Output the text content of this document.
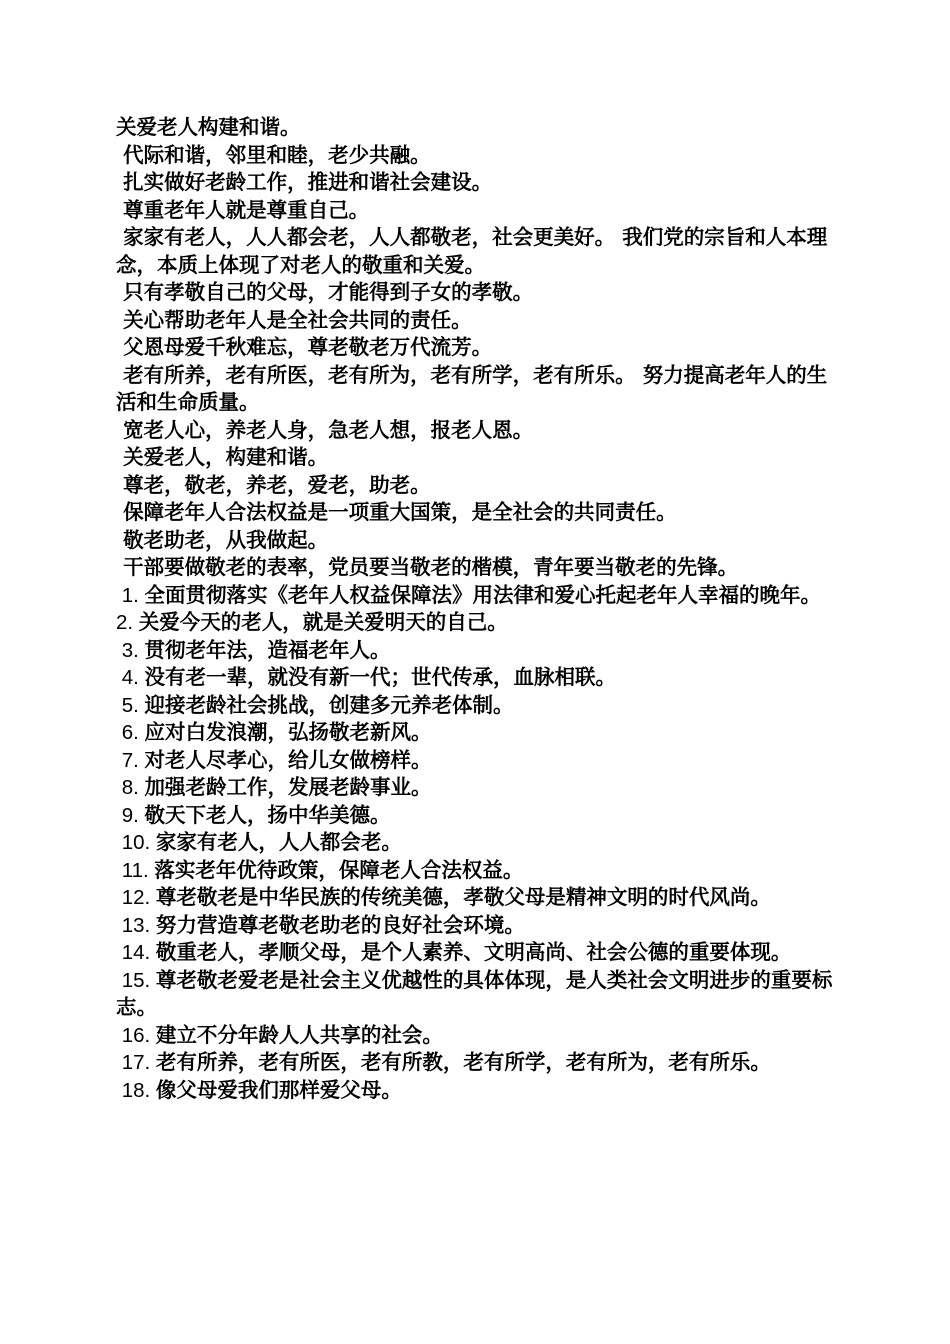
关爱老人构建和谐。

代际和谐，邻里和睦，老少共融。

扎实做好老龄工作，推进和谐社会建设。

尊重老年人就是尊重自己。

家家有老人，人人都会老，人人都敬老，社会更美好。 我们党的宗旨和人本理念，本质上体现了对老人的敬重和关爱。

只有孝敬自己的父母，才能得到子女的孝敬。

关心帮助老年人是全社会共同的责任。

父恩母爱千秋难忘，尊老敬老万代流芳。

老有所养，老有所医，老有所为，老有所学，老有所乐。 努力提高老年人的生活和生命质量。

宽老人心，养老人身，急老人想，报老人恩。

关爱老人，构建和谐。

尊老，敬老，养老，爱老，助老。

保障老年人合法权益是一项重大国策，是全社会的共同责任。

敬老助老，从我做起。

干部要做敬老的表率，党员要当敬老的楷模，青年要当敬老的先锋。

1. 全面贯彻落实《老年人权益保障法》用法律和爱心托起老年人幸福的晚年。

2. 关爱今天的老人，就是关爱明天的自己。

3. 贯彻老年法，造福老年人。

4. 没有老一辈，就没有新一代；世代传承，血脉相联。

5. 迎接老龄社会挑战，创建多元养老体制。

6. 应对白发浪潮，弘扬敬老新风。

7. 对老人尽孝心，给儿女做榜样。

8. 加强老龄工作，发展老龄事业。

9. 敬天下老人，扬中华美德。

10. 家家有老人，人人都会老。

11. 落实老年优待政策，保障老人合法权益。

12. 尊老敬老是中华民族的传统美德，孝敬父母是精神文明的时代风尚。

13. 努力营造尊老敬老助老的良好社会环境。

14. 敬重老人，孝顺父母，是个人素养、文明高尚、社会公德的重要体现。

15. 尊老敬老爱老是社会主义优越性的具体体现，是人类社会文明进步的重要标志。

16. 建立不分年龄人人共享的社会。

17. 老有所养，老有所医，老有所教，老有所学，老有所为，老有所乐。

18. 像父母爱我们那样爱父母。
